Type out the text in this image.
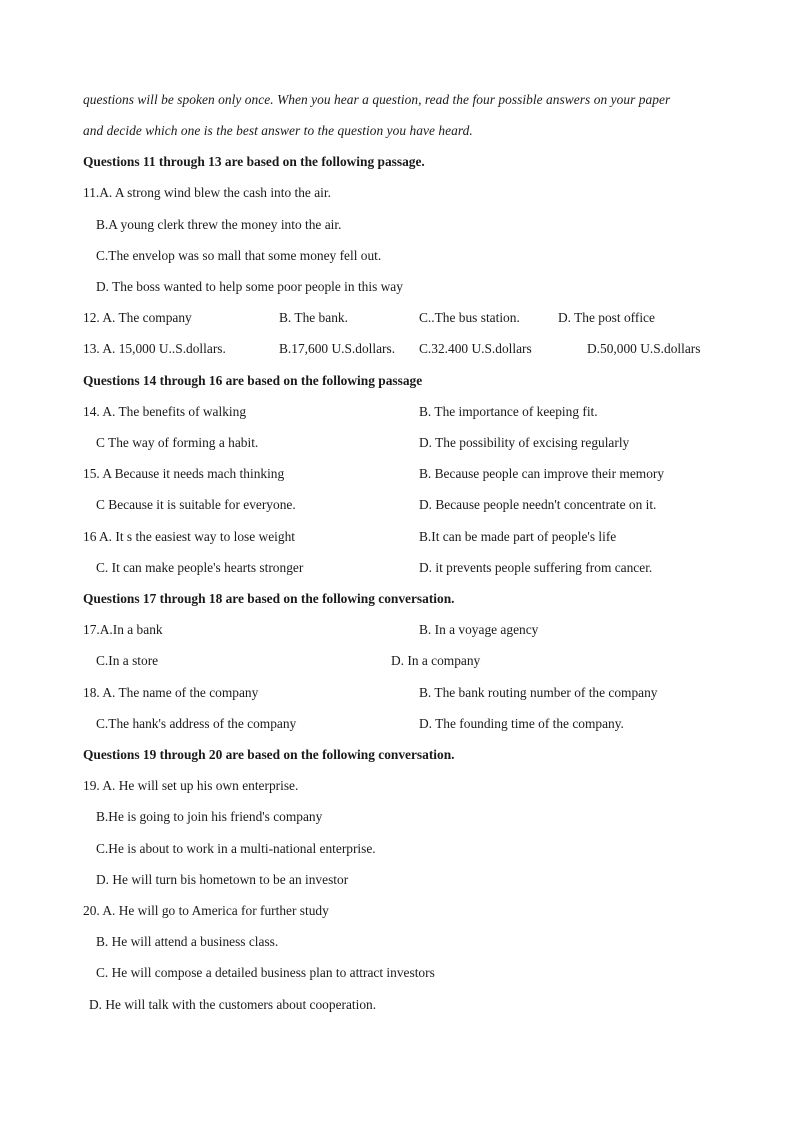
questions will be spoken only once. When you hear a question, read the four possible answers on your paper
and decide which one is the best answer to the question you have heard.
Questions 11 through 13 are based on the following passage.
11.A. A strong wind blew the cash into the air.
B.A young clerk threw the money into the air.
C.The envelop was so mall that some money fell out.
D. The boss wanted to help some poor people in this way
12. A. The company	B. The bank.	C..The bus station.	D. The post office
13. A. 15,000 U..S.dollars.	B.17,600 U.S.dollars. C.32.400 U.S.dollars	D.50,000 U.S.dollars
Questions 14 through 16 are based on the following passage
14. A. The benefits of walking	B. The importance of keeping fit.
C The way of forming a habit.	D. The possibility of excising regularly
15. A Because it needs mach thinking	B. Because people can improve their memory
C Because it is suitable for everyone.	D. Because people needn't concentrate on it.
16 A. It s the easiest way to lose weight	B.It can be made part of people's life
C. It can make people's hearts stronger	D. it prevents people suffering from cancer.
Questions 17 through 18 are based on the following conversation.
17.A.In a bank	B. In a voyage agency
C.In a store	D. In a company
18. A. The name of the company	B. The bank routing number of the company
C.The hank's address of the company	D. The founding time of the company.
Questions 19 through 20 are based on the following conversation.
19. A. He will set up his own enterprise.
B.He is going to join his friend's company
C.He is about to work in a multi-national enterprise.
D. He will turn bis hometown to be an investor
20. A. He will go to America for further study
B. He will attend a business class.
C. He will compose a detailed business plan to attract investors
D. He will talk with the customers about cooperation.
